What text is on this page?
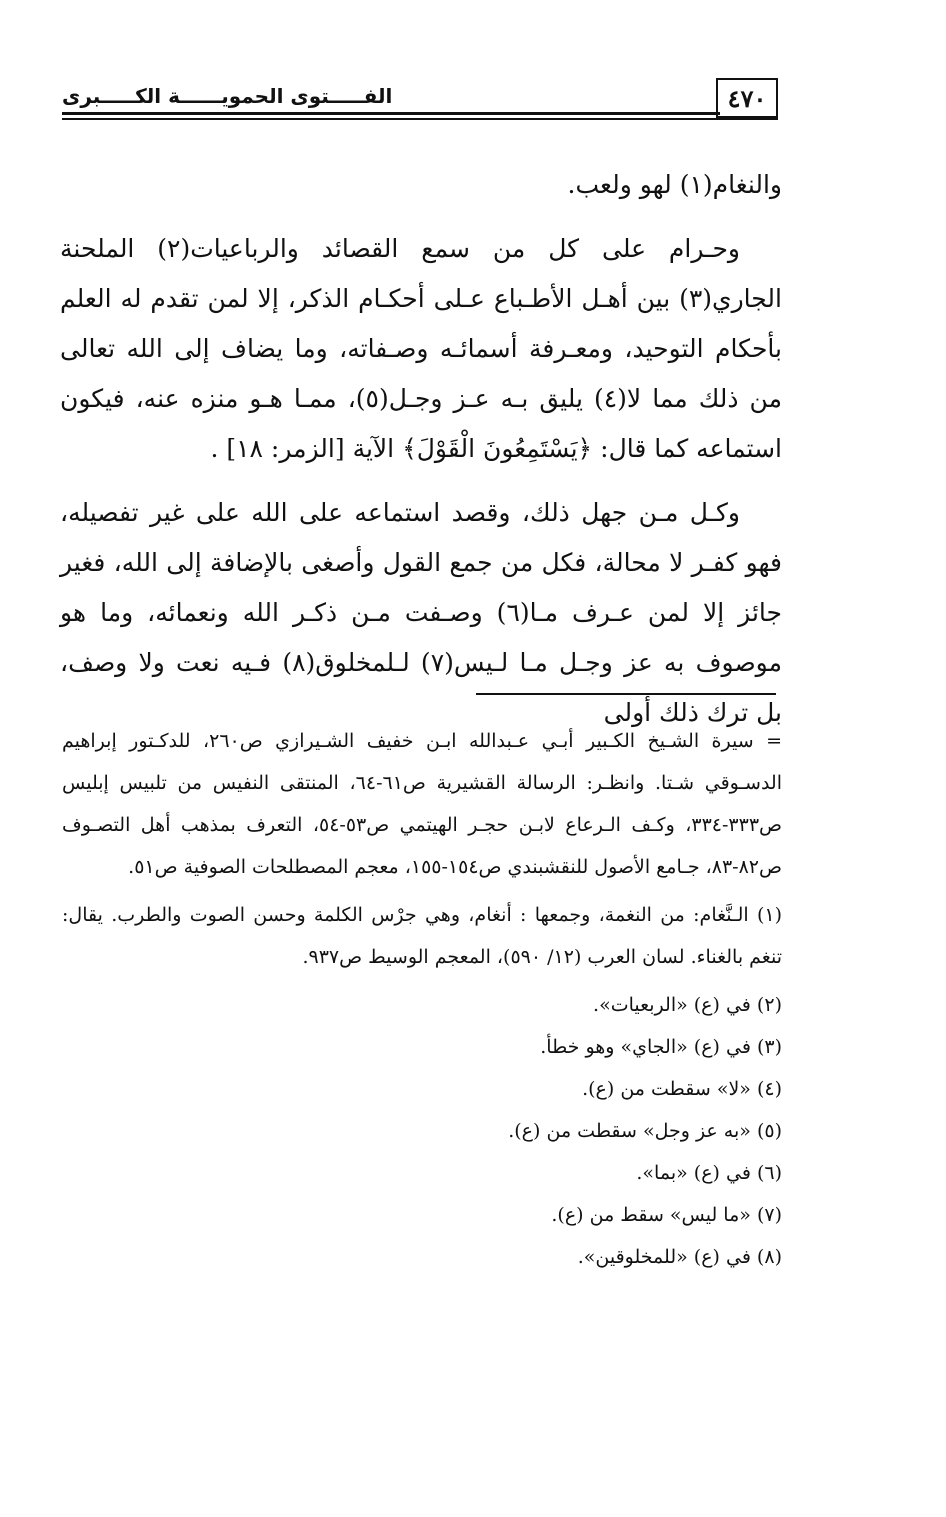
٤٧٠
الفـــــتوى الحمويــــــة الكـــــبرى

والنغام(١) لهو ولعب.

وحـرام على كل من سمع القصائد والرباعيات(٢) الملحنة الجاري(٣) بين أهـل الأطـباع عـلى أحكـام الذكر، إلا لمن تقدم له العلم بأحكام التوحيد، ومعـرفة أسمائـه وصـفاته، وما يضاف إلى الله تعالى من ذلك مما لا(٤) يليق بـه عـز وجـل(٥)، ممـا هـو منزه عنه، فيكون استماعه كما قال: ﴿يَسْتَمِعُونَ الْقَوْلَ﴾ الآية [الزمر: ١٨] .

وكـل مـن جهل ذلك، وقصد استماعه على الله على غير تفصيله، فهو كفـر لا محالة، فكل من جمع القول وأصغى بالإضافة إلى الله، فغير جائز إلا لمن عـرف مـا(٦) وصـفت مـن ذكـر الله ونعمائه، وما هو موصوف به عز وجـل مـا لـيس(٧) لـلمخلوق(٨) فـيه نعت ولا وصف، بل ترك ذلك أولى

= سيرة الشـيخ الكـبير أبـي عـبدالله ابـن خفيف الشـيرازي ص٢٦٠، للدكـتور إبراهيم الدسـوقي شـتا. وانظـر: الرسالة القشيرية ص٦١-٦٤، المنتقى النفيس من تلبيس إبليس ص٣٣٣-٣٣٤، وكـف الـرعاع لابـن حجـر الهيتمي ص٥٣-٥٤، التعرف بمذهب أهل التصـوف ص٨٢-٨٣، جـامع الأصول للنقشبندي ص١٥٤-١٥٥، معجم المصطلحات الصوفية ص٥١.

(١) الـنَّغام: من النغمة، وجمعها : أنغام، وهي جرْس الكلمة وحسن الصوت والطرب. يقال: تنغم بالغناء. لسان العرب (١٢/ ٥٩٠)، المعجم الوسيط ص٩٣٧.

(٢) في (ع) «الربعيات».

(٣) في (ع) «الجاي» وهو خطأ.

(٤) «لا» سقطت من (ع).

(٥) «به عز وجل» سقطت من (ع).

(٦) في (ع) «بما».

(٧) «ما ليس» سقط من (ع).

(٨) في (ع) «للمخلوقين».
